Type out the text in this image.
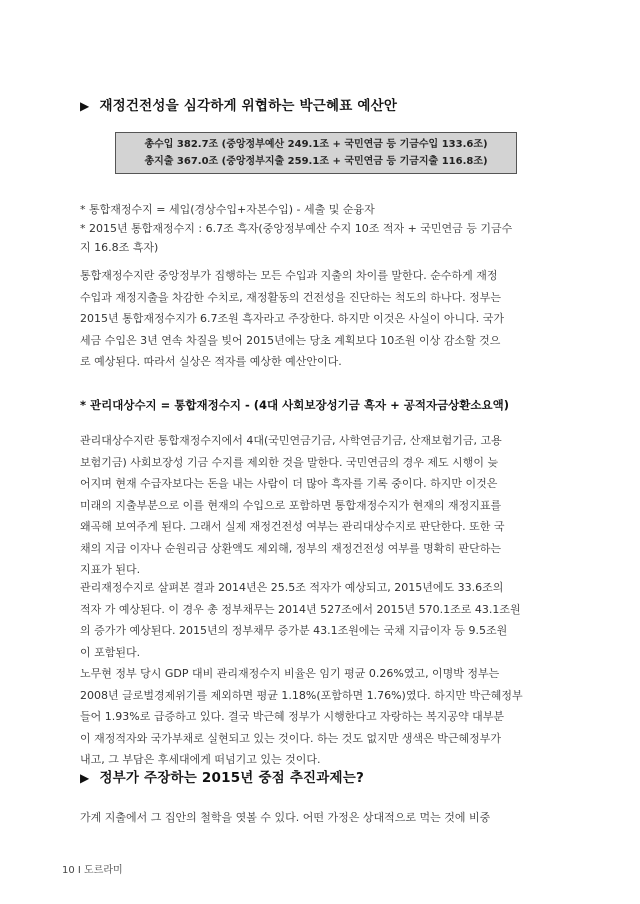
▶ 재정건전성을 심각하게 위협하는 박근혜표 예산안
총수입 382.7조 (중앙정부예산 249.1조 + 국민연금 등 기금수입 133.6조)
총지출 367.0조 (중앙정부지출 259.1조 + 국민연금 등 기금지출 116.8조)
* 통합재정수지 = 세입(경상수입+자본수입) - 세출 및 순융자
* 2015년 통합재정수지 : 6.7조 흑자(중앙정부예산 수지 10조 적자 + 국민연금 등 기금수
지 16.8조 흑자)
통합재정수지란 중앙정부가 집행하는 모든 수입과 지출의 차이를 말한다. 순수하게 재정
수입과 재정지출을 차감한 수치로, 재정활동의 건전성을 진단하는 척도의 하나다. 정부는
2015년 통합재정수지가 6.7조원 흑자라고 주장한다. 하지만 이것은 사실이 아니다. 국가
세금 수입은 3년 연속 차질을 빚어 2015년에는 당초 계획보다 10조원 이상 감소할 것으
로 예상된다. 따라서 실상은 적자를 예상한 예산안이다.
* 관리대상수지 = 통합재정수지 - (4대 사회보장성기금 흑자 + 공적자금상환소요액)
관리대상수지란 통합재정수지에서 4대(국민연금기금, 사학연금기금, 산재보험기금, 고용
보험기금) 사회보장성 기금 수지를 제외한 것을 말한다. 국민연금의 경우 제도 시행이 늦
어지며 현재 수급자보다는 돈을 내는 사람이 더 많아 흑자를 기록 중이다. 하지만 이것은
미래의 지출부분으로 이를 현재의 수입으로 포함하면 통합재정수지가 현재의 재정지표를
왜곡해 보여주게 된다. 그래서 실제 재정건전성 여부는 관리대상수지로 판단한다. 또한 국
채의 지급 이자나 순원리금 상환액도 제외해, 정부의 재정건전성 여부를 명확히 판단하는
지표가 된다.
관리재정수지로 살펴본 결과 2014년은 25.5조 적자가 예상되고, 2015년에도 33.6조의
적자 가 예상된다. 이 경우 총 정부채무는 2014년 527조에서 2015년 570.1조로 43.1조원
의 증가가 예상된다. 2015년의 정부채무 증가분 43.1조원에는 국채 지급이자 등 9.5조원
이 포함된다.
노무현 정부 당시 GDP 대비 관리재정수지 비율은 임기 평균 0.26%였고, 이명박 정부는
2008년 글로벌경제위기를 제외하면 평균 1.18%(포함하면 1.76%)였다. 하지만 박근혜정부
들어 1.93%로 급증하고 있다. 결국 박근혜 정부가 시행한다고 자랑하는 복지공약 대부분
이 재정적자와 국가부채로 실현되고 있는 것이다. 하는 것도 없지만 생색은 박근혜정부가
내고, 그 부담은 후세대에게 떠넘기고 있는 것이다.
▶ 정부가 주장하는 2015년 중점 추진과제는?
가계 지출에서 그 집안의 철학을 엿볼 수 있다. 어떤 가정은 상대적으로 먹는 것에 비중
10 I 도르라미
